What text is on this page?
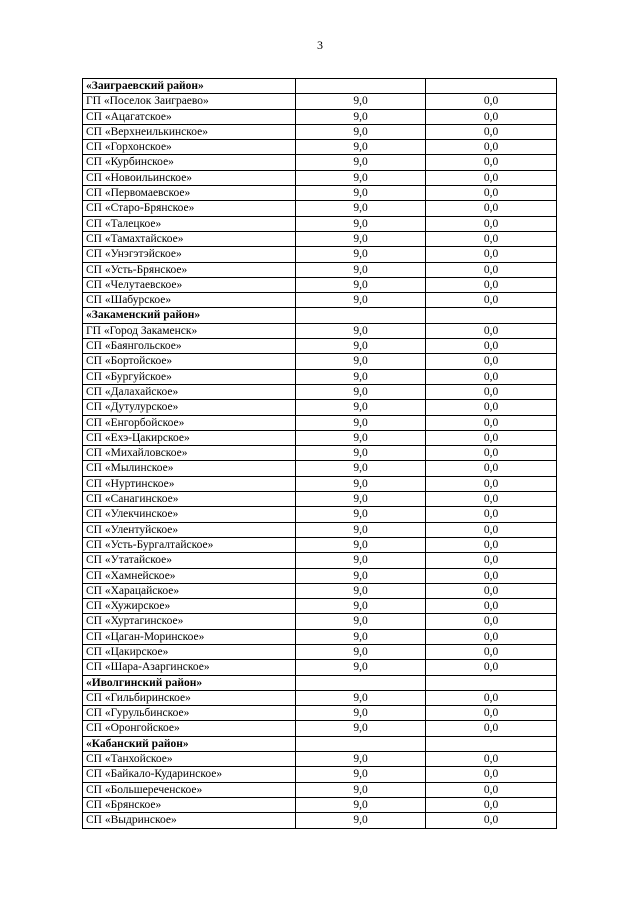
3
«Заиграевский район»		
ГП «Поселок Заиграево»	9,0	0,0
СП «Ацагатское»	9,0	0,0
СП «Верхнеилькинское»	9,0	0,0
СП «Горхонское»	9,0	0,0
СП «Курбинское»	9,0	0,0
СП «Новоильинское»	9,0	0,0
СП «Первомаевское»	9,0	0,0
СП «Старо-Брянское»	9,0	0,0
СП «Талецкое»	9,0	0,0
СП «Тамахтайское»	9,0	0,0
СП «Унэгэтэйское»	9,0	0,0
СП «Усть-Брянское»	9,0	0,0
СП «Челутаевское»	9,0	0,0
СП «Шабурское»	9,0	0,0
«Закаменский район»		
ГП «Город Закаменск»	9,0	0,0
СП «Баянгольское»	9,0	0,0
СП «Бортойское»	9,0	0,0
СП «Бургуйское»	9,0	0,0
СП «Далахайское»	9,0	0,0
СП «Дутулурское»	9,0	0,0
СП «Енгорбойское»	9,0	0,0
СП «Ехэ-Цакирское»	9,0	0,0
СП «Михайловское»	9,0	0,0
СП «Мылинское»	9,0	0,0
СП «Нуртинское»	9,0	0,0
СП «Санагинское»	9,0	0,0
СП «Улекчинское»	9,0	0,0
СП «Улентуйское»	9,0	0,0
СП «Усть-Бургалтайское»	9,0	0,0
СП «Утатайское»	9,0	0,0
СП «Хамнейское»	9,0	0,0
СП «Харацайское»	9,0	0,0
СП «Хужирское»	9,0	0,0
СП «Хуртагинское»	9,0	0,0
СП «Цаган-Моринское»	9,0	0,0
СП «Цакирское»	9,0	0,0
СП «Шара-Азаргинское»	9,0	0,0
«Иволгинский район»		
СП «Гильбиринское»	9,0	0,0
СП «Гурульбинское»	9,0	0,0
СП «Оронгойское»	9,0	0,0
«Кабанский район»		
СП «Танхойское»	9,0	0,0
СП «Байкало-Кударинское»	9,0	0,0
СП «Большереченское»	9,0	0,0
СП «Брянское»	9,0	0,0
СП «Выдринское»	9,0	0,0
